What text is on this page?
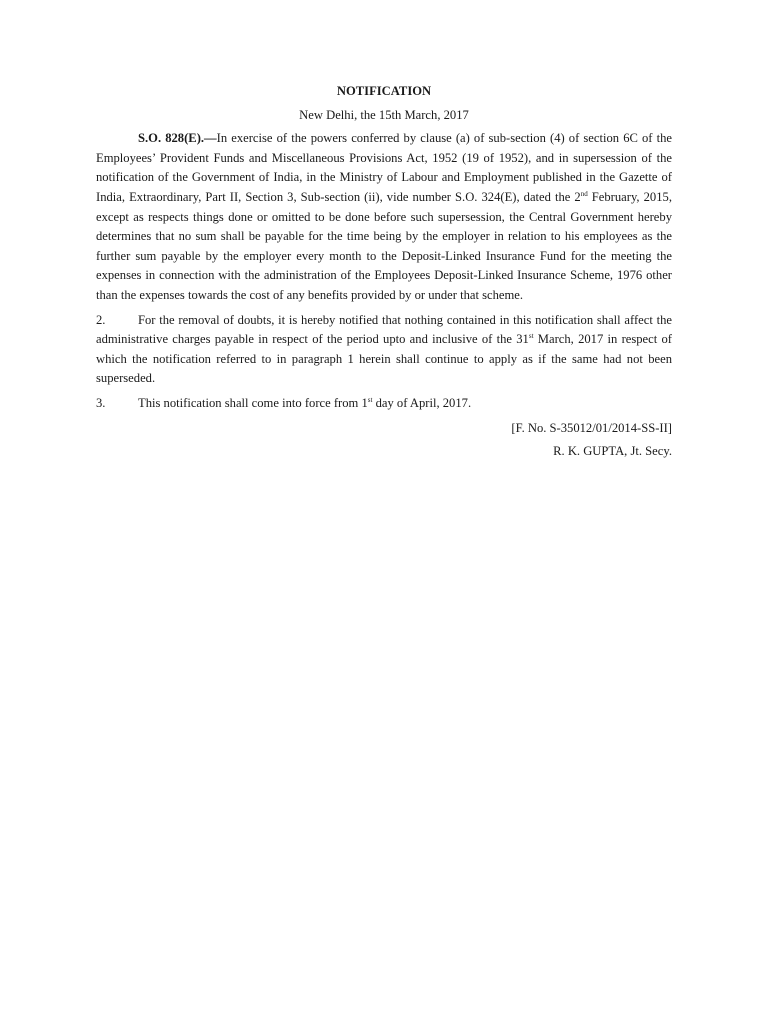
NOTIFICATION
New Delhi, the 15th March, 2017

S.O. 828(E).—In exercise of the powers conferred by clause (a) of sub-section (4) of section 6C of the Employees’ Provident Funds and Miscellaneous Provisions Act, 1952 (19 of 1952), and in supersession of the notification of the Government of India, in the Ministry of Labour and Employment published in the Gazette of India, Extraordinary, Part II, Section 3, Sub-section (ii), vide number S.O. 324(E), dated the 2nd February, 2015, except as respects things done or omitted to be done before such supersession, the Central Government hereby determines that no sum shall be payable for the time being by the employer in relation to his employees as the further sum payable by the employer every month to the Deposit-Linked Insurance Fund for the meeting the expenses in connection with the administration of the Employees Deposit-Linked Insurance Scheme, 1976 other than the expenses towards the cost of any benefits provided by or under that scheme.

2.	For the removal of doubts, it is hereby notified that nothing contained in this notification shall affect the administrative charges payable in respect of the period upto and inclusive of the 31st March, 2017 in respect of which the notification referred to in paragraph 1 herein shall continue to apply as if the same had not been superseded.

3.	This notification shall come into force from 1st day of April, 2017.

[F. No. S-35012/01/2014-SS-II]
R. K. GUPTA, Jt. Secy.
